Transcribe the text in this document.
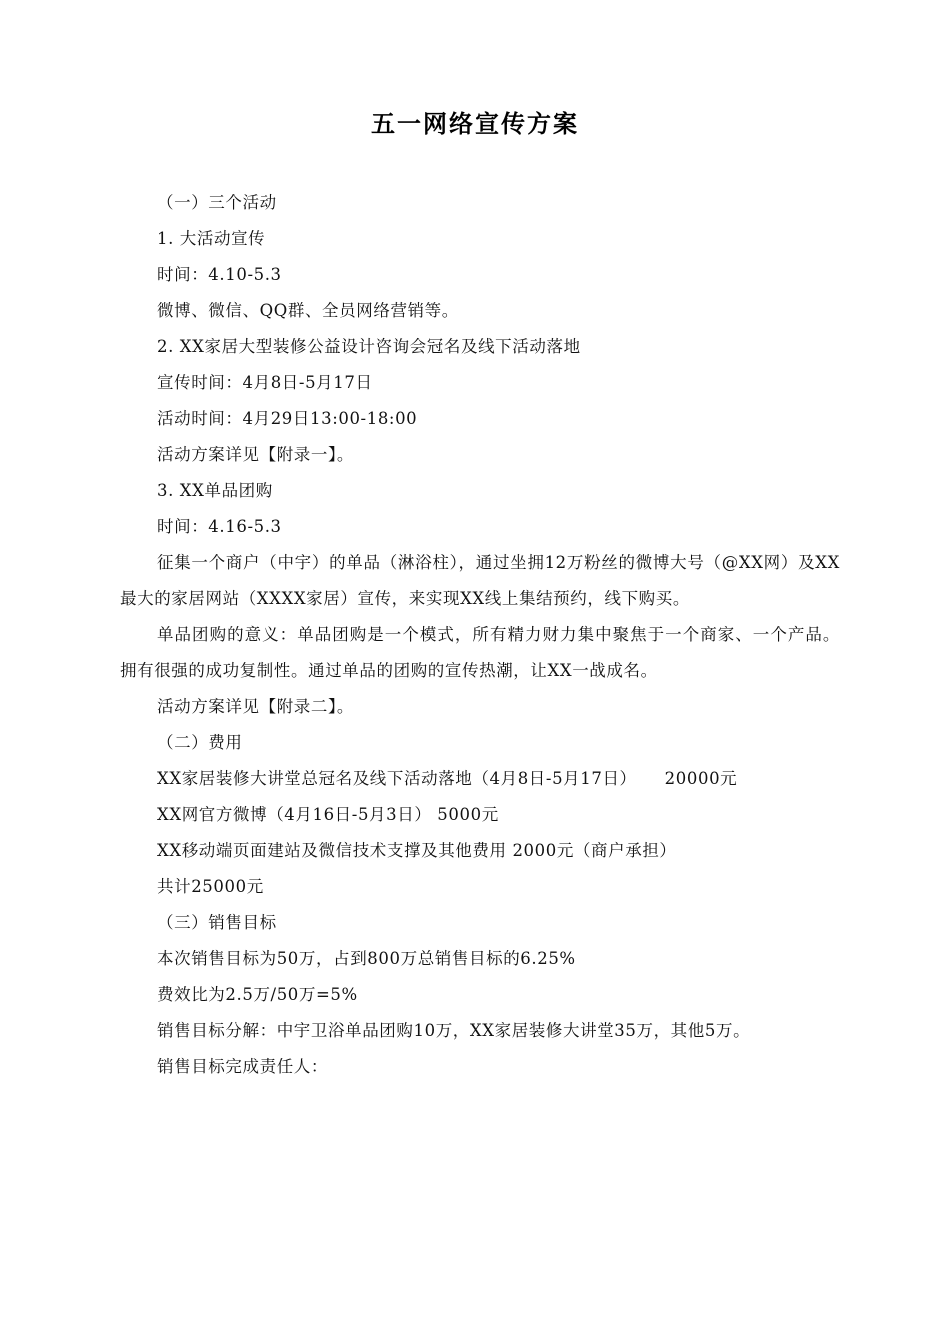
五一网络宣传方案
（一）三个活动
1. 大活动宣传
时间：4.10-5.3
微博、微信、QQ群、全员网络营销等。
2. XX家居大型装修公益设计咨询会冠名及线下活动落地
宣传时间：4月8日-5月17日
活动时间：4月29日13:00-18:00
活动方案详见【附录一】。
3. XX单品团购
时间：4.16-5.3
征集一个商户（中宇）的单品（淋浴柱），通过坐拥12万粉丝的微博大号（@XX网）及XX最大的家居网站（XXXX家居）宣传，来实现XX线上集结预约，线下购买。
单品团购的意义：单品团购是一个模式，所有精力财力集中聚焦于一个商家、一个产品。拥有很强的成功复制性。通过单品的团购的宣传热潮，让XX一战成名。
活动方案详见【附录二】。
（二）费用
XX家居装修大讲堂总冠名及线下活动落地（4月8日-5月17日） 20000元
XX网官方微博（4月16日-5月3日） 5000元
XX移动端页面建站及微信技术支撑及其他费用 2000元（商户承担）
共计25000元
（三）销售目标
本次销售目标为50万，占到800万总销售目标的6.25%
费效比为2.5万/50万=5%
销售目标分解：中宇卫浴单品团购10万，XX家居装修大讲堂35万，其他5万。
销售目标完成责任人：
